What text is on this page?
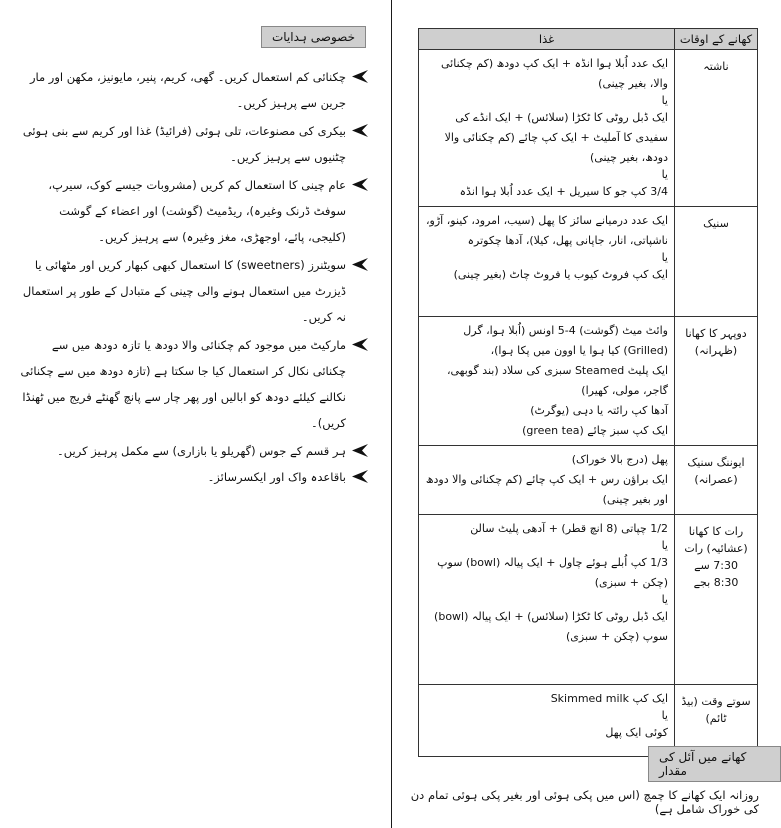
خصوصی ہدایات
چکنائی کم استعمال کریں۔ گھی، کریم، پنیر، مایونیز، مکھن اور مار جرین سے پرہیز کریں۔
بیکری کی مصنوعات، تلی ہوئی (فرائیڈ) غذا اور کریم سے بنی ہوئی چٹنیوں سے پرہیز کریں۔
عام چینی کا استعمال کم کریں (مشروبات جیسے کوک، سیرپ، سوفٹ ڈرنک وغیرہ)، ریڈمیٹ (گوشت) اور اعضاء کے گوشت (کلیجی، پائے، اوجھڑی، مغز وغیرہ) سے پرہیز کریں۔
سویٹنرز (sweetners) کا استعمال کبھی کبھار کریں اور مٹھائی یا ڈیزرٹ میں استعمال ہونے والی چینی کے متبادل کے طور پر استعمال نہ کریں۔
مارکیٹ میں موجود کم چکنائی والا دودھ یا تازہ دودھ میں سے چکنائی نکال کر استعمال کیا جا سکتا ہے (تازہ دودھ میں سے چکنائی نکالنے کیلئے دودھ کو ابالیں اور پھر چار سے پانچ گھنٹے فریج میں ٹھنڈا کریں)۔
ہر قسم کے جوس (گھریلو یا بازاری) سے مکمل پرہیز کریں۔
باقاعدہ واک اور ایکسرسائز۔
کھانے کے اوقات	غذا
ناشتہ	ایک عدد اُبلا ہوا انڈہ + ایک کپ دودھ (کم چکنائی والا، بغیر چینی)
یا
ایک ڈبل روٹی کا ٹکڑا (سلائس) + ایک انڈے کی سفیدی کا آملیٹ + ایک کپ چائے (کم چکنائی والا دودھ، بغیر چینی)
یا
3/4 کپ جو کا سیریل + ایک عدد اُبلا ہوا انڈہ

سنیک	ایک عدد درمیانے سائز کا پھل (سیب، امرود، کینو، آڑو، ناشپاتی، انار، جاپانی پھل، کیلا)، آدھا چکوترہ
یا
ایک کپ فروٹ کیوب یا فروٹ چاٹ (بغیر چینی)

دوپہر کا کھانا (ظہرانہ)	وائٹ میٹ (گوشت) 4-5 اونس (اُبلا ہوا، گرل (Grilled) کیا ہوا یا اوون میں پکا ہوا)،
ایک پلیٹ Steamed سبزی کی سلاد (بند گوبھی، گاجر، مولی، کھیرا)
آدھا کپ رائتہ یا دہی (یوگرٹ)
ایک کپ سبز چائے (green tea)

ایوننگ سنیک (عصرانہ)	پھل (درج بالا خوراک)
ایک براؤن رس + ایک کپ چائے (کم چکنائی والا دودھ اور بغیر چینی)

رات کا کھانا (عشائیہ) رات 7:30 سے 8:30 بجے	1/2 چپاتی (8 انچ قطر) + آدھی پلیٹ سالن
یا
1/3 کپ اُبلے ہوئے چاول + ایک پیالہ (bowl) سوپ (چکن + سبزی)
یا
ایک ڈبل روٹی کا ٹکڑا (سلائس) + ایک پیالہ (bowl) سوپ (چکن + سبزی)

سوتے وقت (بیڈ ٹائم)	ایک کپ Skimmed milk
یا
کوئی ایک پھل
کھانے میں آئل کی مقدار
روزانہ ایک کھانے کا چمچ (اس میں پکی ہوئی اور بغیر پکی ہوئی تمام دن کی خوراک شامل ہے)
